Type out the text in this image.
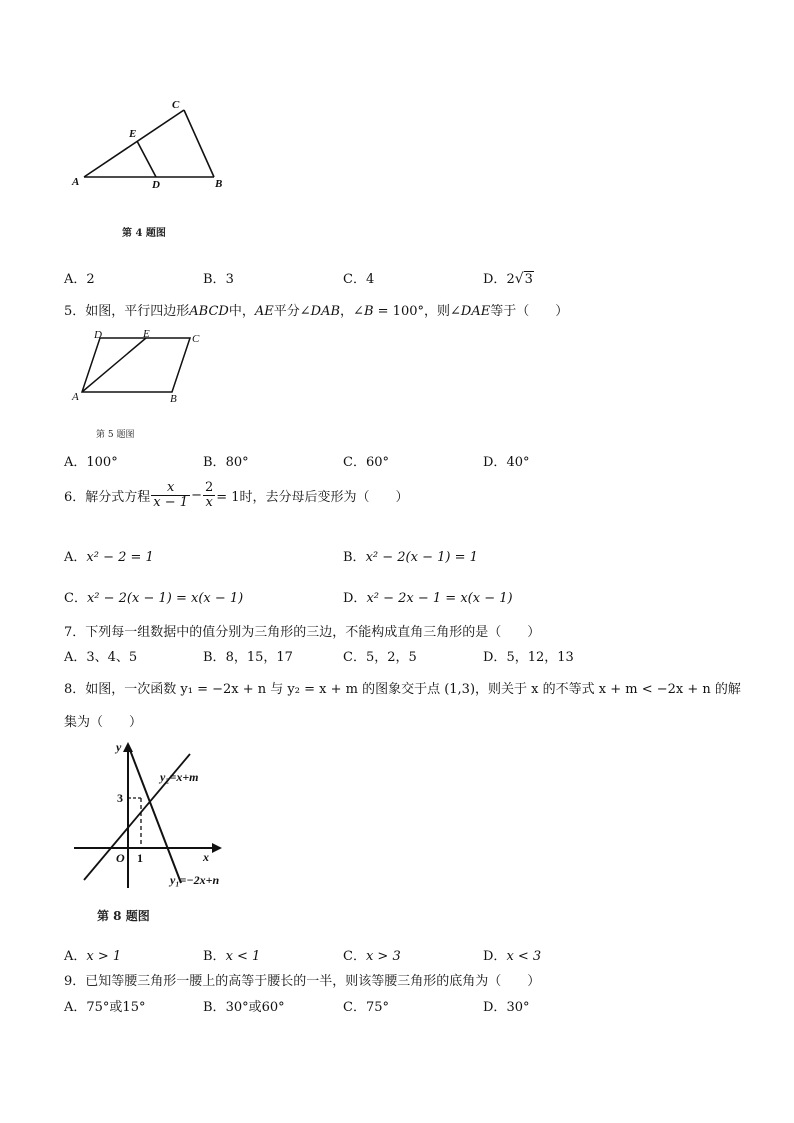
A	B
C
D
E
第 4 题图
A．2	B．3	C．4	D．2√3
5．如图，平行四边形ABCD中，AE平分∠DAB，∠B = 100°，则∠DAE等于（　　）
A	B
C
D	E
第 5 题图
A．100°	B．80°	C．60°	D．40°
6． 解分式方程 $\frac{x}{x - 1} - \frac{2}{x} = 1$时，去分母后变形为（　　）
A．x² − 2 = 1	B．x² − 2(x − 1) = 1
C．x² − 2(x − 1) = x(x − 1)	D．x² − 2x − 1 = x(x − 1)
7．下列每一组数据中的值分别为三角形的三边，不能构成直角三角形的是（　　）
A．3、4、5	B．8，15，17	C．5，2，5	D．5，12，13
8．如图，一次函数 y₁ = −2x + n 与 y₂ = x + m 的图象交于点 (1,3)，则关于 x 的不等式 x + m < −2x + n 的解
集为（　　）
y
x
O
3
1
y₂=x+m
y₁=−2x+n
第 8 题图
A．x > 1	B．x < 1	C．x > 3	D．x < 3
9．已知等腰三角形一腰上的高等于腰长的一半，则该等腰三角形的底角为（　　）
A．75°或15°	B．30°或60°	C．75°	D．30°
